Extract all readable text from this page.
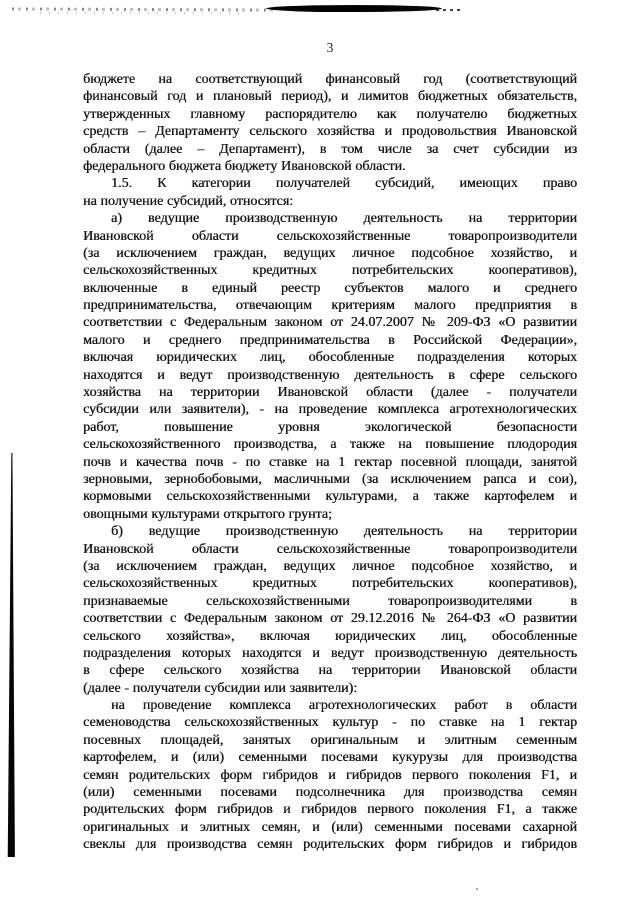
3
бюджете на соответствующий финансовый год (соответствующий
финансовый год и плановый период), и лимитов бюджетных обязательств,
утвержденных главному распорядителю как получателю бюджетных
средств – Департаменту сельского хозяйства и продовольствия Ивановской
области (далее – Департамент), в том числе за счет субсидии из
федерального бюджета бюджету Ивановской области.
1.5. К категории получателей субсидий, имеющих право
на получение субсидий, относятся:
а) ведущие производственную деятельность на территории
Ивановской области сельскохозяйственные товаропроизводители
(за исключением граждан, ведущих личное подсобное хозяйство, и
сельскохозяйственных кредитных потребительских кооперативов),
включенные в единый реестр субъектов малого и среднего
предпринимательства, отвечающим критериям малого предприятия в
соответствии с Федеральным законом от 24.07.2007 № 209-ФЗ «О развитии
малого и среднего предпринимательства в Российской Федерации»,
включая юридических лиц, обособленные подразделения которых
находятся и ведут производственную деятельность в сфере сельского
хозяйства на территории Ивановской области (далее - получатели
субсидии или заявители), - на проведение комплекса агротехнологических
работ, повышение уровня экологической безопасности
сельскохозяйственного производства, а также на повышение плодородия
почв и качества почв - по ставке на 1 гектар посевной площади, занятой
зерновыми, зернобобовыми, масличными (за исключением рапса и сои),
кормовыми сельскохозяйственными культурами, а также картофелем и
овощными культурами открытого грунта;
б) ведущие производственную деятельность на территории
Ивановской области сельскохозяйственные товаропроизводители
(за исключением граждан, ведущих личное подсобное хозяйство, и
сельскохозяйственных кредитных потребительских кооперативов),
признаваемые сельскохозяйственными товаропроизводителями в
соответствии с Федеральным законом от 29.12.2016 № 264-ФЗ «О развитии
сельского хозяйства», включая юридических лиц, обособленные
подразделения которых находятся и ведут производственную деятельность
в сфере сельского хозяйства на территории Ивановской области
(далее - получатели субсидии или заявители):
на проведение комплекса агротехнологических работ в области
семеноводства сельскохозяйственных культур - по ставке на 1 гектар
посевных площадей, занятых оригинальным и элитным семенным
картофелем, и (или) семенными посевами кукурузы для производства
семян родительских форм гибридов и гибридов первого поколения F1, и
(или) семенными посевами подсолнечника для производства семян
родительских форм гибридов и гибридов первого поколения F1, а также
оригинальных и элитных семян, и (или) семенными посевами сахарной
свеклы для производства семян родительских форм гибридов и гибридов
